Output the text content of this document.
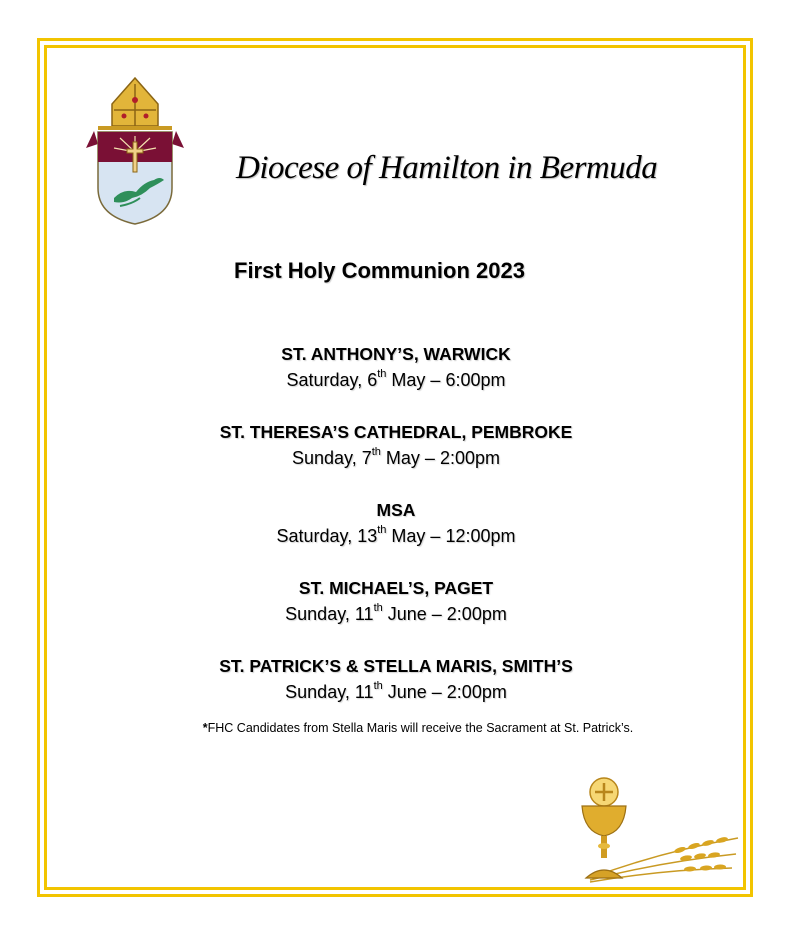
Diocese of Hamilton in Bermuda
First Holy Communion 2023
ST. ANTHONY’S, WARWICK
Saturday, 6th May – 6:00pm
ST. THERESA’S CATHEDRAL, PEMBROKE
Sunday, 7th May – 2:00pm
MSA
Saturday, 13th May – 12:00pm
ST. MICHAEL’S, PAGET
Sunday, 11th June – 2:00pm
ST. PATRICK’S & STELLA MARIS, SMITH’S
Sunday, 11th June – 2:00pm
*FHC Candidates from Stella Maris will receive the Sacrament at St. Patrick’s.
